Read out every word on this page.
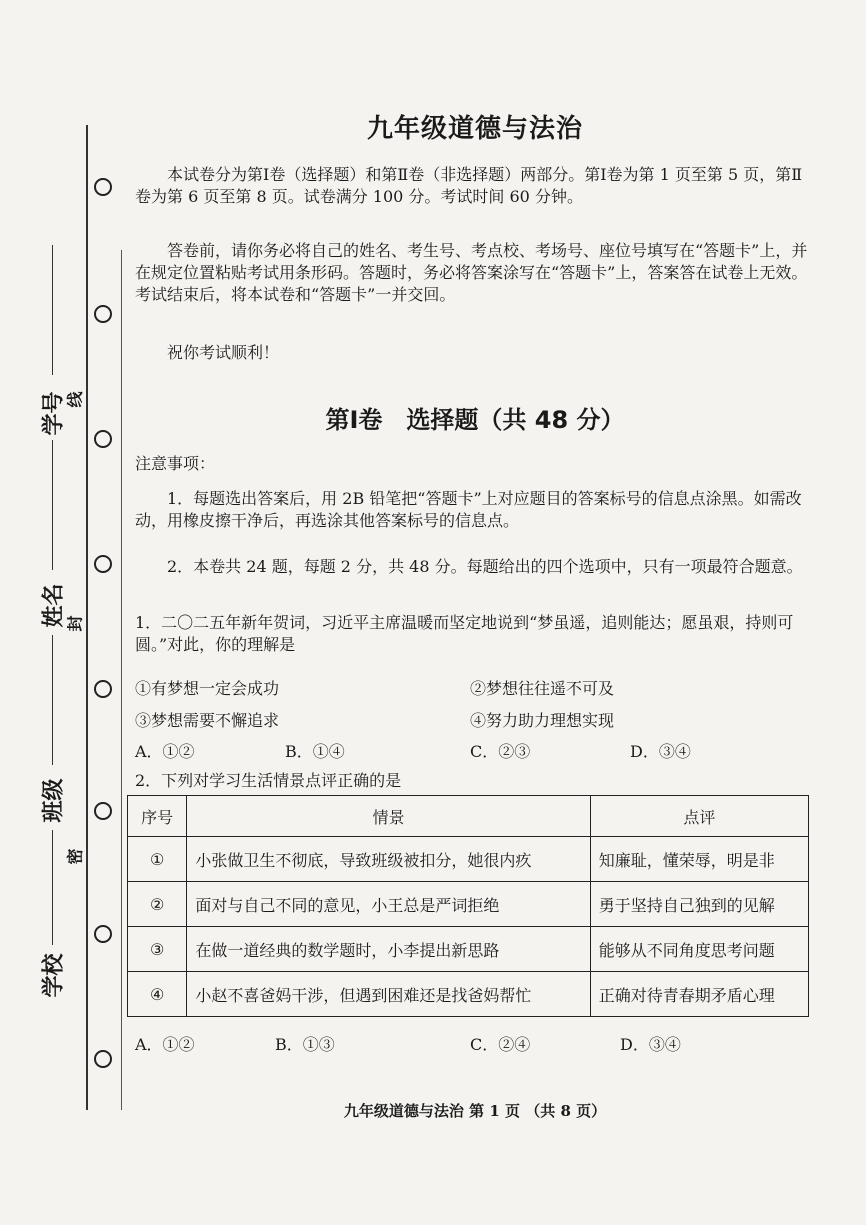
学号
姓名
班级
学校
线
封
密
九年级道德与法治
本试卷分为第Ⅰ卷（选择题）和第Ⅱ卷（非选择题）两部分。第Ⅰ卷为第 1 页至第 5 页，第Ⅱ卷为第 6 页至第 8 页。试卷满分 100 分。考试时间 60 分钟。
答卷前，请你务必将自己的姓名、考生号、考点校、考场号、座位号填写在“答题卡”上，并在规定位置粘贴考试用条形码。答题时，务必将答案涂写在“答题卡”上，答案答在试卷上无效。考试结束后，将本试卷和“答题卡”一并交回。
祝你考试顺利！
第Ⅰ卷　选择题（共 48 分）
注意事项：
1．每题选出答案后，用 2B 铅笔把“答题卡”上对应题目的答案标号的信息点涂黑。如需改动，用橡皮擦干净后，再选涂其他答案标号的信息点。
2．本卷共 24 题，每题 2 分，共 48 分。每题给出的四个选项中，只有一项最符合题意。
1．二〇二五年新年贺词，习近平主席温暖而坚定地说到“梦虽遥，追则能达；愿虽艰，持则可圆。”对此，你的理解是
①有梦想一定会成功	②梦想往往遥不可及
③梦想需要不懈追求	④努力助力理想实现
A．①②	B．①④	C．②③	D．③④
2．下列对学习生活情景点评正确的是
序号	情景	点评
①	小张做卫生不彻底，导致班级被扣分，她很内疚	知廉耻，懂荣辱，明是非
②	面对与自己不同的意见，小王总是严词拒绝	勇于坚持自己独到的见解
③	在做一道经典的数学题时，小李提出新思路	能够从不同角度思考问题
④	小赵不喜爸妈干涉，但遇到困难还是找爸妈帮忙	正确对待青春期矛盾心理
A．①②	B．①③	C．②④	D．③④
九年级道德与法治 第 1 页 （共 8 页）
